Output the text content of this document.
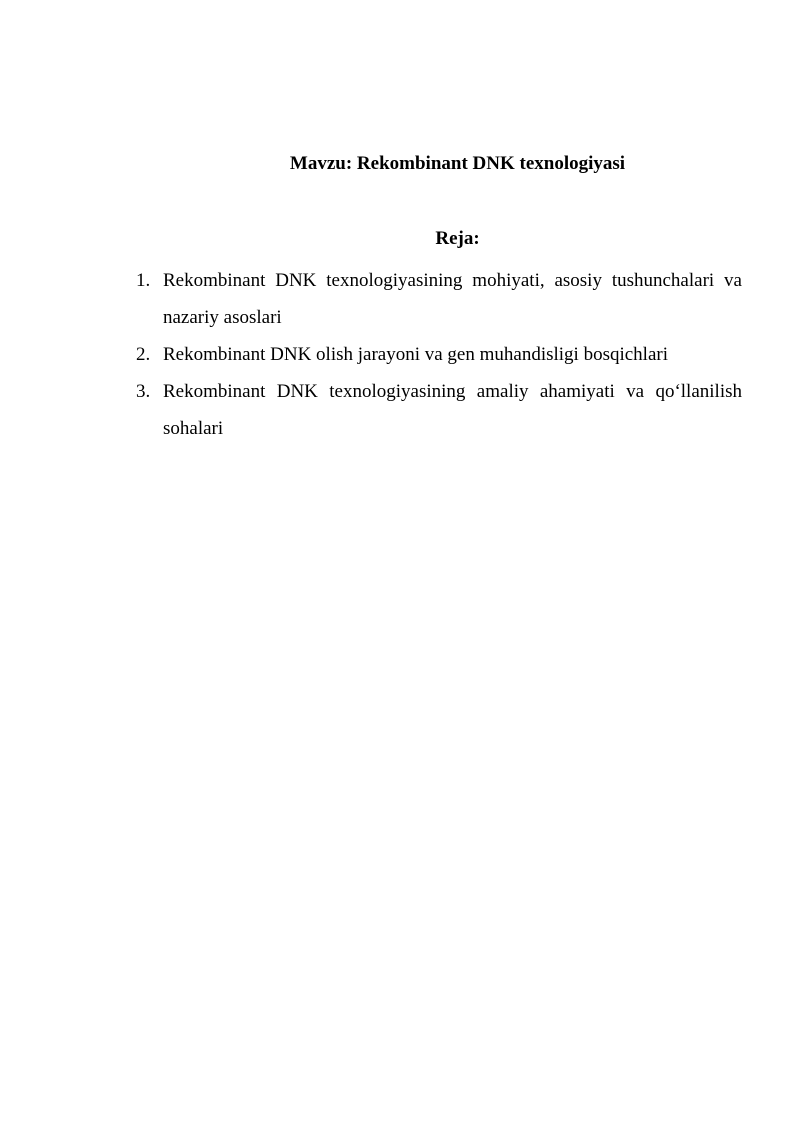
Mavzu: Rekombinant DNK texnologiyasi
Reja:
1. Rekombinant DNK texnologiyasining mohiyati, asosiy tushunchalari va nazariy asoslari
2. Rekombinant DNK olish jarayoni va gen muhandisligi bosqichlari
3. Rekombinant DNK texnologiyasining amaliy ahamiyati va qo‘llanilish sohalari
